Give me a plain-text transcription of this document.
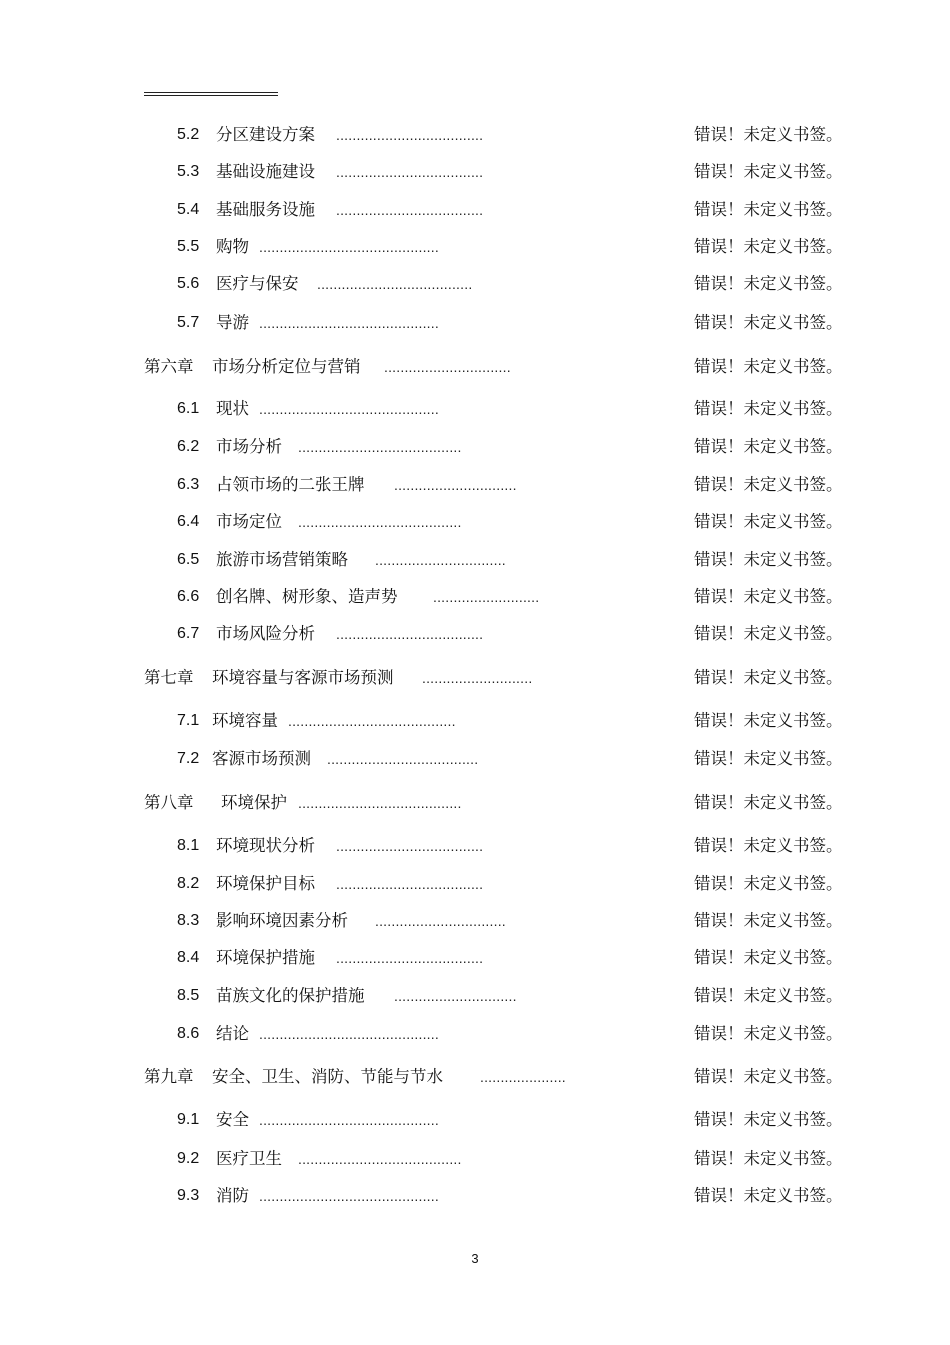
5.2 分区建设方案 ....................................	错误！未定义书签。
5.3 基础设施建设 ....................................	错误！未定义书签。
5.4 基础服务设施 ....................................	错误！未定义书签。
5.5 购物 ............................................	错误！未定义书签。
5.6 医疗与保安 ......................................	错误！未定义书签。
5.7 导游 ............................................	错误！未定义书签。
第六章 市场分析定位与营销 ...............................	错误！未定义书签。
6.1 现状 ............................................	错误！未定义书签。
6.2 市场分析 ........................................	错误！未定义书签。
6.3 占领市场的二张王牌 ..............................	错误！未定义书签。
6.4 市场定位 ........................................	错误！未定义书签。
6.5 旅游市场营销策略 ................................	错误！未定义书签。
6.6 创名牌、树形象、造声势	..........................	错误！未定义书签。
6.7 市场风险分析 ....................................	错误！未定义书签。
第七章 环境容量与客源市场预测 ...........................	错误！未定义书签。
7.1 环境容量 .........................................	错误！未定义书签。
7.2 客源市场预测 .....................................	错误！未定义书签。
第八章 环境保护 ........................................	错误！未定义书签。
8.1 环境现状分析 ....................................	错误！未定义书签。
8.2 环境保护目标 ....................................	错误！未定义书签。
8.3 影响环境因素分析 ................................	错误！未定义书签。
8.4 环境保护措施 ....................................	错误！未定义书签。
8.5 苗族文化的保护措施 ..............................	错误！未定义书签。
8.6 结论 ............................................	错误！未定义书签。
第九章 安全、卫生、消防、节能与节水	.....................	错误！未定义书签。
9.1 安全 ............................................	错误！未定义书签。
9.2 医疗卫生 ........................................	错误！未定义书签。
9.3 消防 ............................................	错误！未定义书签。
3
